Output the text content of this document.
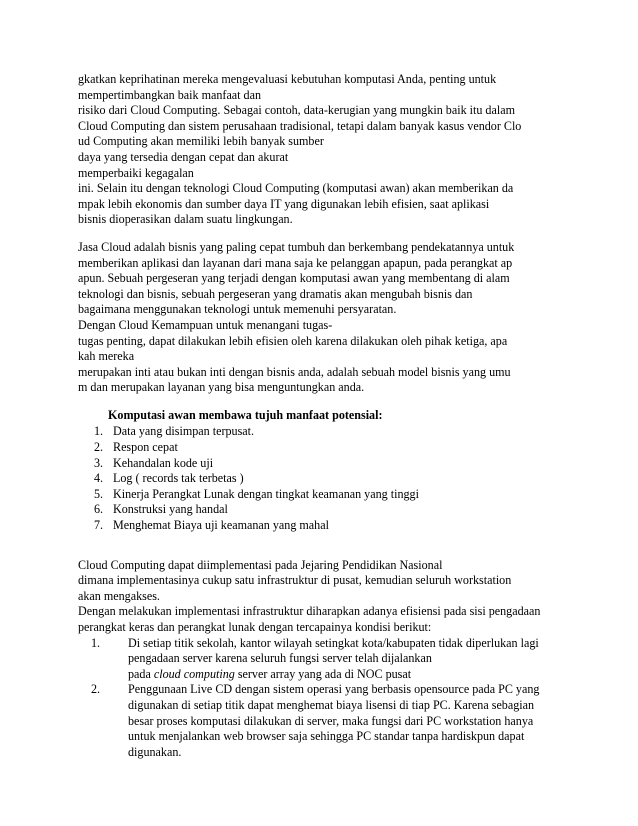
gkatkan keprihatinan mereka mengevaluasi kebutuhan komputasi Anda, penting untuk

mempertimbangkan baik manfaat dan

risiko dari Cloud Computing. Sebagai contoh, data-kerugian yang mungkin baik itu dalam

Cloud Computing dan sistem perusahaan tradisional, tetapi dalam banyak kasus vendor Clo

ud Computing akan memiliki lebih banyak sumber

daya yang tersedia dengan cepat dan akurat

memperbaiki kegagalan

ini. Selain itu dengan teknologi Cloud Computing (komputasi awan) akan memberikan da

mpak lebih ekonomis dan sumber daya IT yang digunakan lebih efisien, saat aplikasi

bisnis dioperasikan dalam suatu lingkungan.

Jasa Cloud adalah bisnis yang paling cepat tumbuh dan berkembang pendekatannya untuk

memberikan aplikasi dan layanan dari mana saja ke pelanggan apapun, pada perangkat ap

apun. Sebuah pergeseran yang terjadi dengan komputasi awan yang membentang di alam

teknologi dan bisnis, sebuah pergeseran yang dramatis akan mengubah bisnis dan

bagaimana menggunakan teknologi untuk memenuhi persyaratan.

Dengan Cloud Kemampuan untuk menangani tugas-

tugas penting, dapat dilakukan lebih efisien oleh karena dilakukan oleh pihak ketiga, apa

kah mereka

merupakan inti atau bukan inti dengan bisnis anda, adalah sebuah model bisnis yang umu

m dan merupakan layanan yang bisa menguntungkan anda.

Komputasi awan membawa tujuh manfaat potensial:

1. Data yang disimpan terpusat.
2. Respon cepat
3. Kehandalan kode uji
4. Log ( records tak terbetas )
5. Kinerja Perangkat Lunak dengan tingkat keamanan yang tinggi
6. Konstruksi yang handal
7. Menghemat Biaya uji keamanan yang mahal

Cloud Computing dapat diimplementasi pada Jejaring Pendidikan Nasional

dimana implementasinya cukup satu infrastruktur di pusat, kemudian seluruh workstation

akan mengakses.

Dengan melakukan implementasi infrastruktur diharapkan adanya efisiensi pada sisi pengadaan

perangkat keras dan perangkat lunak dengan tercapainya kondisi berikut:

1. Di setiap titik sekolah, kantor wilayah setingkat kota/kabupaten tidak diperlukan lagi

pengadaan server karena seluruh fungsi server telah dijalankan

pada cloud computing server array yang ada di NOC pusat

2. Penggunaan Live CD dengan sistem operasi yang berbasis opensource pada PC yang

digunakan di setiap titik dapat menghemat biaya lisensi di tiap PC. Karena sebagian

besar proses komputasi dilakukan di server, maka fungsi dari PC workstation hanya

untuk menjalankan web browser saja sehingga PC standar tanpa hardiskpun dapat

digunakan.
